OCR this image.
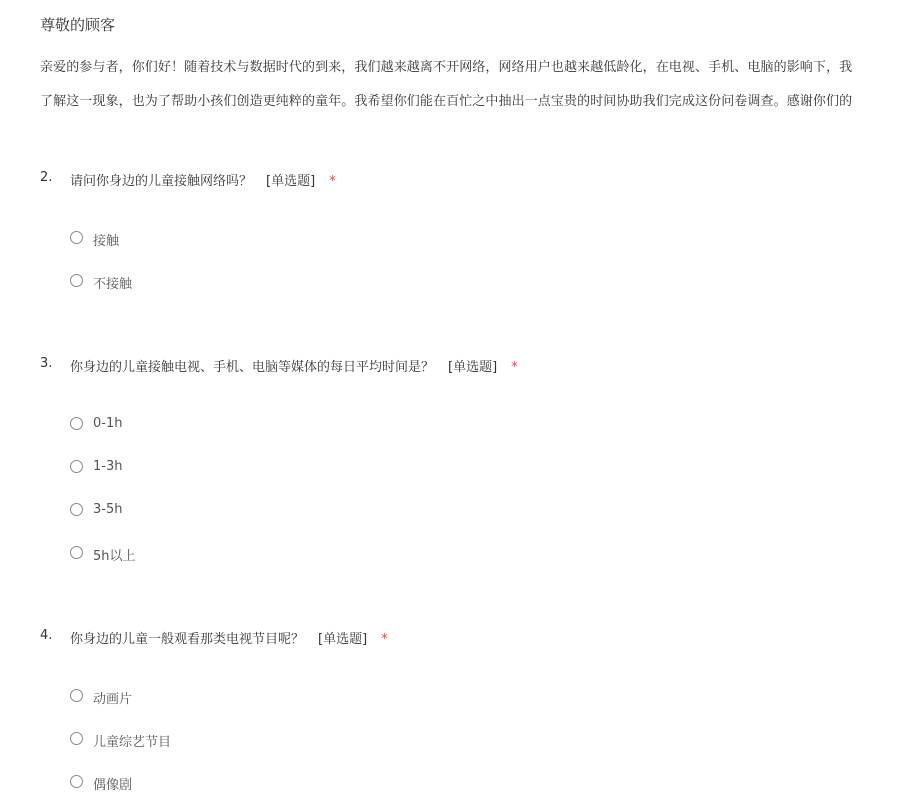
尊敬的顾客
亲爱的参与者，你们好！随着技术与数据时代的到来，我们越来越离不开网络，网络用户也越来越低龄化，在电视、手机、电脑的影响下，我
了解这一现象，也为了帮助小孩们创造更纯粹的童年。我希望你们能在百忙之中抽出一点宝贵的时间协助我们完成这份问卷调查。感谢你们的
2. 请问你身边的儿童接触网络吗？ [单选题] *
接触
不接触
3. 你身边的儿童接触电视、手机、电脑等媒体的每日平均时间是？ [单选题] *
0-1h
1-3h
3-5h
5h以上
4. 你身边的儿童一般观看那类电视节目呢？ [单选题] *
动画片
儿童综艺节目
偶像剧
